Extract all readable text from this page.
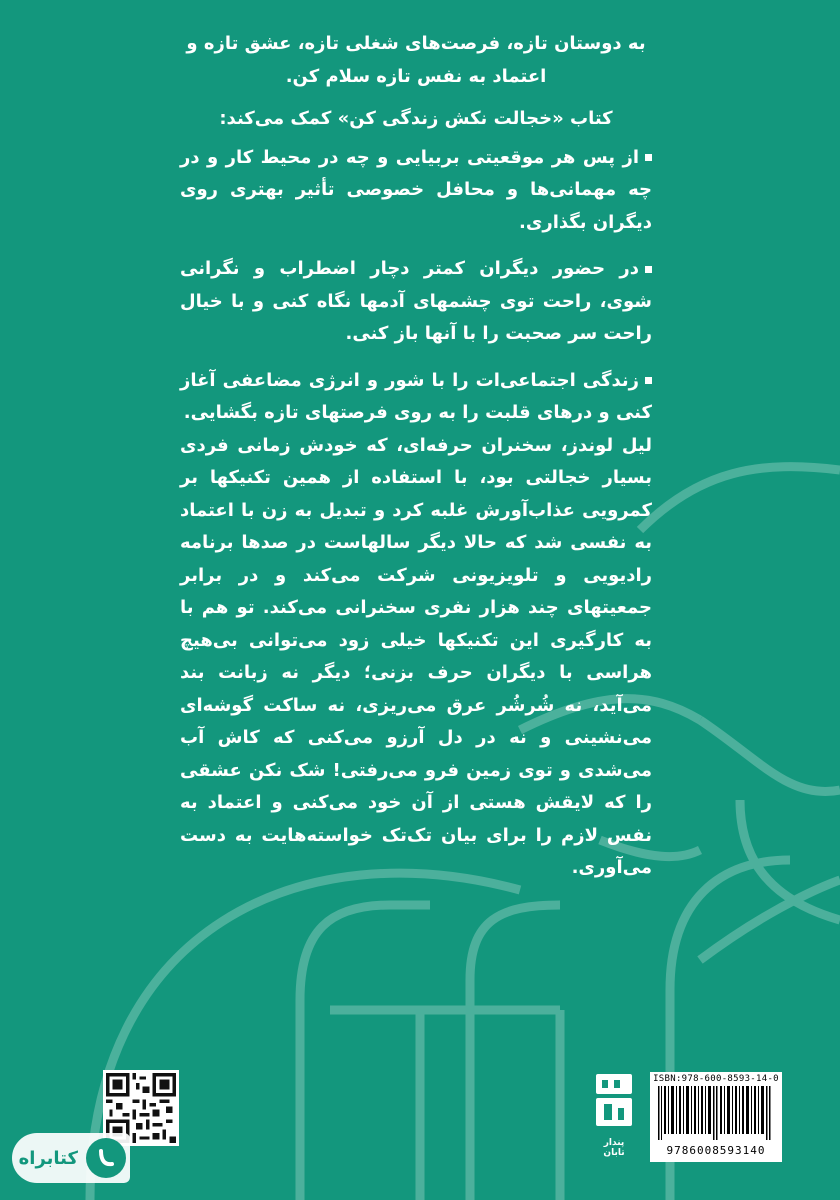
به دوستان تازه، فرصت‌های شغلی تازه، عشق تازه و اعتماد به نفس تازه سلام کن.

کتاب «خجالت نکش زندگی کن» کمک می‌کند:

از پس هر موقعیتی بربیایی و چه در محیط کار و در چه مهمانی‌ها و محافل خصوصی تأثیر بهتری روی دیگران بگذاری.

در حضور دیگران کمتر دچار اضطراب و نگرانی شوی، راحت توی چشمهای آدمها نگاه کنی و با خیال راحت سر صحبت را با آنها باز کنی.

زندگی اجتماعی‌ات را با شور و انرژی مضاعفی آغاز کنی و درهای قلبت را به روی فرصتهای تازه بگشایی.

لیل لوندز، سخنران حرفه‌ای، که خودش زمانی فردی بسیار خجالتی بود، با استفاده از همین تکنیکها بر کمرویی عذاب‌آورش غلبه کرد و تبدیل به زن با اعتماد به نفسی شد که حالا دیگر سالهاست در صدها برنامه رادیویی و تلویزیونی شرکت می‌کند و در برابر جمعیتهای چند هزار نفری سخنرانی می‌کند. تو هم با به کارگیری این تکنیکها خیلی زود می‌توانی بی‌هیچ هراسی با دیگران حرف بزنی؛ دیگر نه زبانت بند می‌آید، نه شُرشُر عرق می‌ریزی، نه ساکت گوشه‌ای می‌نشینی و نه در دل آرزو می‌کنی که کاش آب می‌شدی و توی زمین فرو می‌رفتی! شک نکن عشقی را که لایقش هستی از آن خود می‌کنی و اعتماد به نفس لازم را برای بیان تک‌تک خواسته‌هایت به دست می‌آوری.

پندار تابان
ISBN:978-600-8593-14-0
9786008593140
کتابراه
